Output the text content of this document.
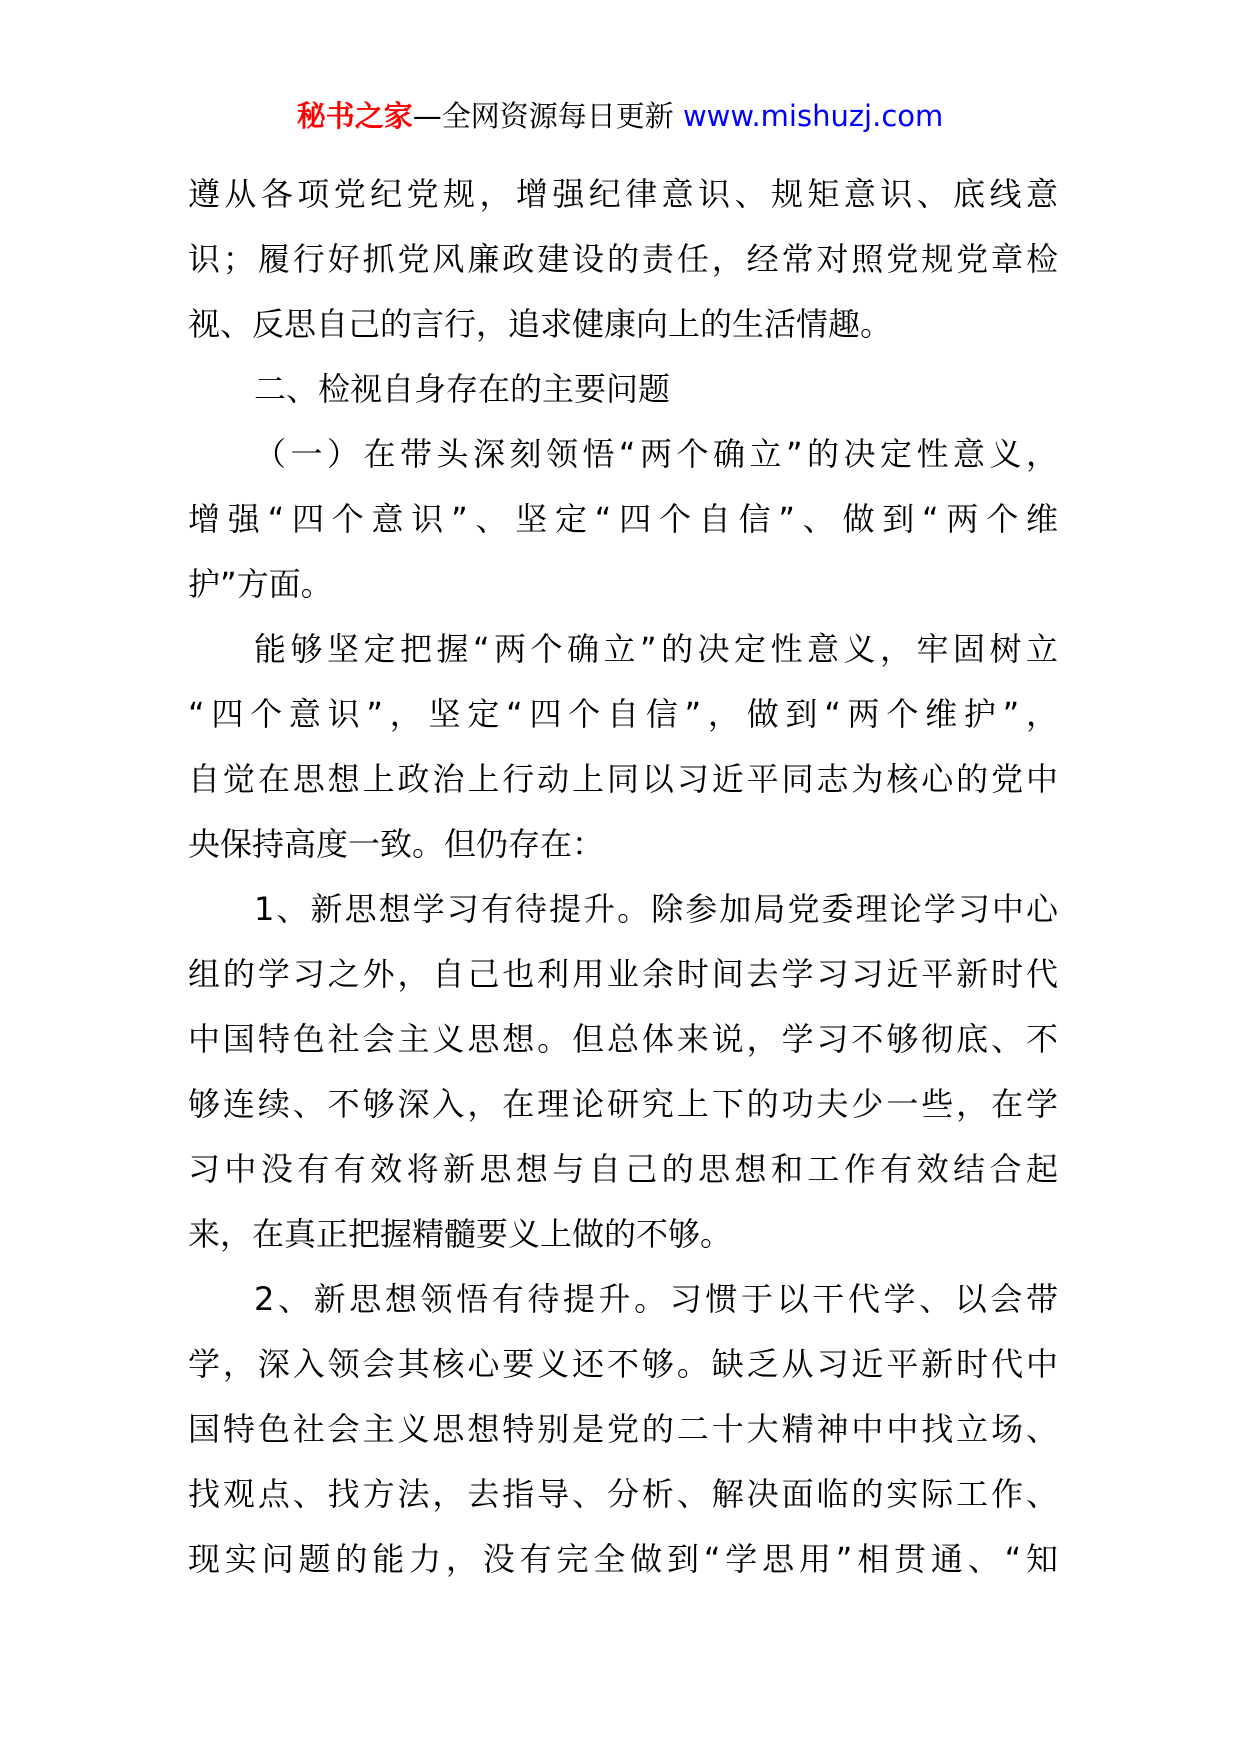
秘书之家—全网资源每日更新 www.mishuzj.com
遵从各项党纪党规，增强纪律意识、规矩意识、底线意
识；履行好抓党风廉政建设的责任，经常对照党规党章检
视、反思自己的言行，追求健康向上的生活情趣。
二、检视自身存在的主要问题
（一）在带头深刻领悟“两个确立”的决定性意义，
增强“四个意识”、坚定“四个自信”、做到“两个维
护”方面。
能够坚定把握“两个确立”的决定性意义，牢固树立
“四个意识”，坚定“四个自信”，做到“两个维护”，
自觉在思想上政治上行动上同以习近平同志为核心的党中
央保持高度一致。但仍存在：
1、新思想学习有待提升。除参加局党委理论学习中心
组的学习之外，自己也利用业余时间去学习习近平新时代
中国特色社会主义思想。但总体来说，学习不够彻底、不
够连续、不够深入，在理论研究上下的功夫少一些，在学
习中没有有效将新思想与自己的思想和工作有效结合起
来，在真正把握精髓要义上做的不够。
2、新思想领悟有待提升。习惯于以干代学、以会带
学，深入领会其核心要义还不够。缺乏从习近平新时代中
国特色社会主义思想特别是党的二十大精神中中找立场、
找观点、找方法，去指导、分析、解决面临的实际工作、
现实问题的能力，没有完全做到“学思用”相贯通、“知
